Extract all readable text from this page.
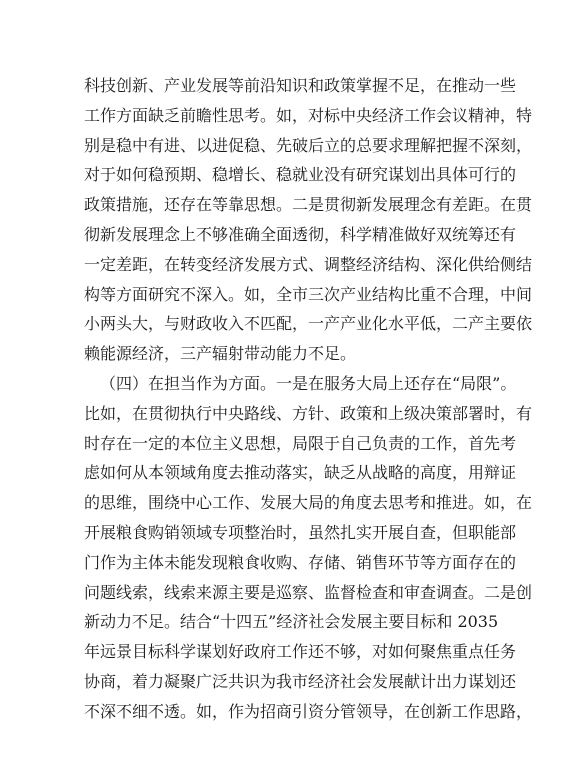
科技创新、产业发展等前沿知识和政策掌握不足，在推动一些
工作方面缺乏前瞻性思考。如，对标中央经济工作会议精神，特
别是稳中有进、以进促稳、先破后立的总要求理解把握不深刻，
对于如何稳预期、稳增长、稳就业没有研究谋划出具体可行的
政策措施，还存在等靠思想。二是贯彻新发展理念有差距。在贯
彻新发展理念上不够准确全面透彻，科学精准做好双统筹还有
一定差距，在转变经济发展方式、调整经济结构、深化供给侧结
构等方面研究不深入。如，全市三次产业结构比重不合理，中间
小两头大，与财政收入不匹配，一产产业化水平低，二产主要依
赖能源经济，三产辐射带动能力不足。
（四）在担当作为方面。一是在服务大局上还存在“局限”。
比如，在贯彻执行中央路线、方针、政策和上级决策部署时，有
时存在一定的本位主义思想，局限于自己负责的工作，首先考
虑如何从本领域角度去推动落实，缺乏从战略的高度，用辩证
的思维，围绕中心工作、发展大局的角度去思考和推进。如，在
开展粮食购销领域专项整治时，虽然扎实开展自查，但职能部
门作为主体未能发现粮食收购、存储、销售环节等方面存在的
问题线索，线索来源主要是巡察、监督检查和审查调查。二是创
新动力不足。结合“十四五”经济社会发展主要目标和 2035
年远景目标科学谋划好政府工作还不够，对如何聚焦重点任务
协商，着力凝聚广泛共识为我市经济社会发展献计出力谋划还
不深不细不透。如，作为招商引资分管领导，在创新工作思路，
